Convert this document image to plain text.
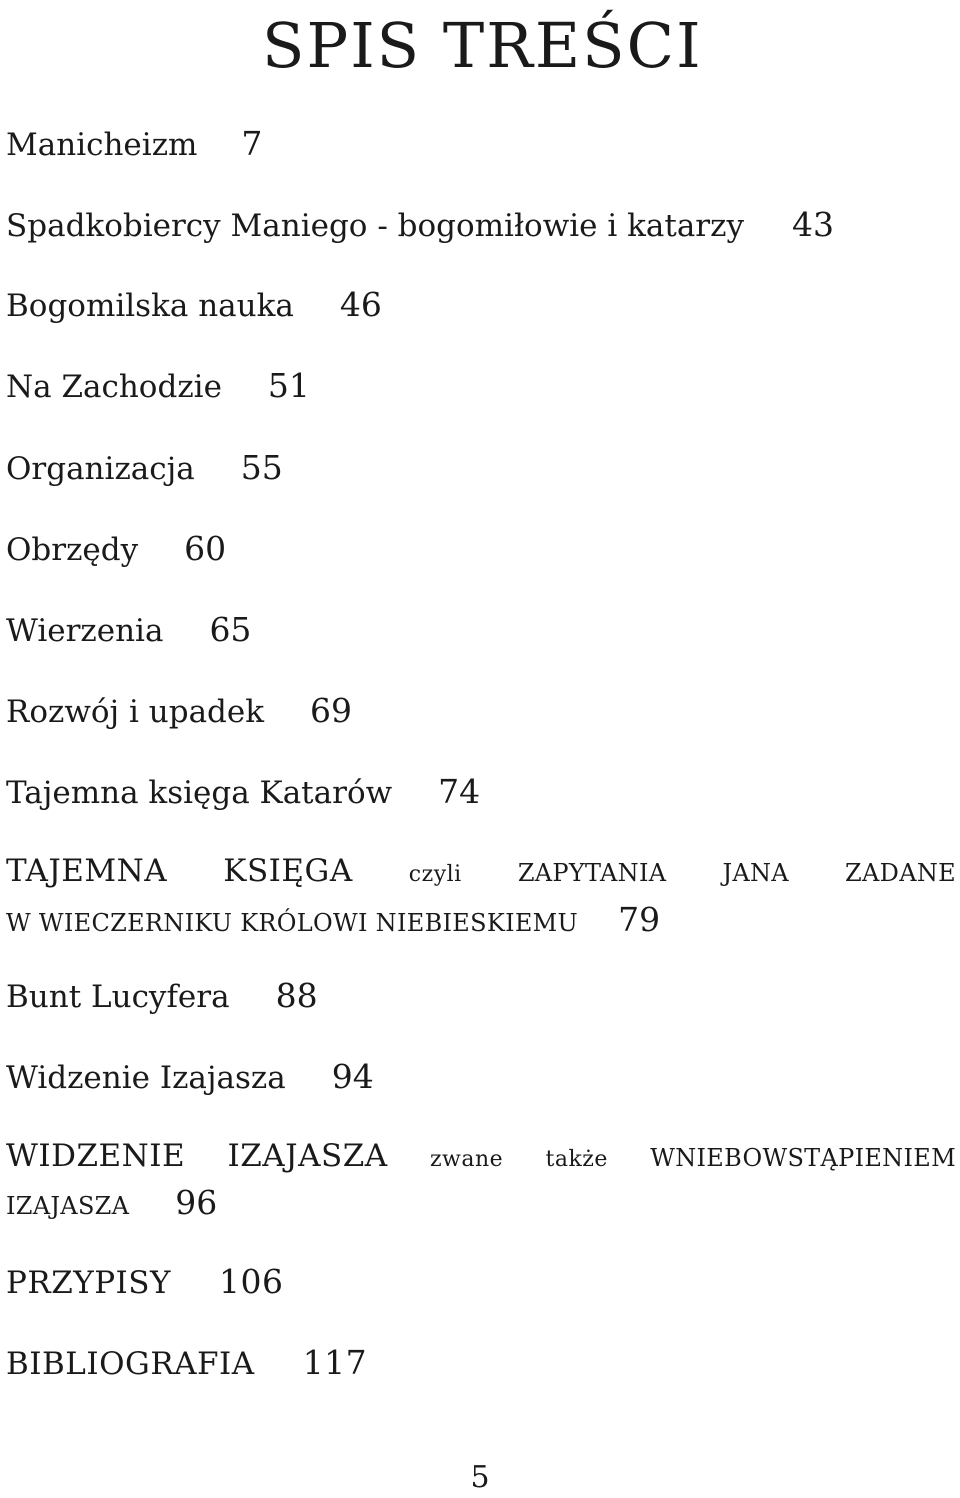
SPIS TREŚCI
Manicheizm 7
Spadkobiercy Maniego - bogomiłowie i katarzy 43
Bogomilska nauka 46
Na Zachodzie 51
Organizacja 55
Obrzędy 60
Wierzenia 65
Rozwój i upadek 69
Tajemna księga Katarów 74
TAJEMNA KSIĘGA	czyli ZAPYTANIA JANA ZADANE
W WIECZERNIKU KRÓLOWI NIEBIESKIEMU 79
Bunt Lucyfera 88
Widzenie Izajasza 94
WIDZENIE IZAJASZA zwane także WNIEBOWSTĄPIENIEM
IZAJASZA 96
PRZYPISY 106
BIBLIOGRAFIA 117
5
